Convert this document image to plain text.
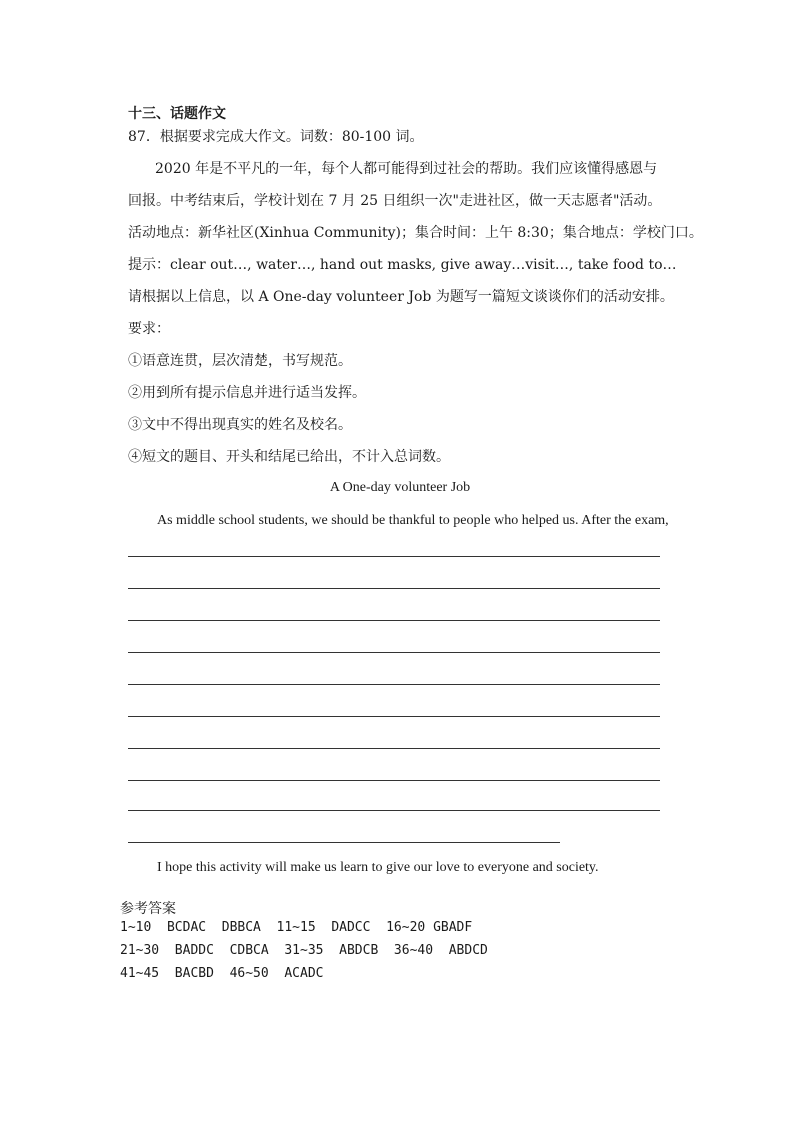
十三、话题作文
87．根据要求完成大作文。词数：80-100 词。
2020 年是不平凡的一年，每个人都可能得到过社会的帮助。我们应该懂得感恩与
回报。中考结束后，学校计划在 7 月 25 日组织一次"走进社区，做一天志愿者"活动。
活动地点：新华社区(Xinhua Community)；集合时间：上午 8:30；集合地点：学校门口。
提示：clear out…, water…, hand out masks, give away…visit…, take food to…
请根据以上信息，以 A One-day volunteer Job 为题写一篇短文谈谈你们的活动安排。
要求：
①语意连贯，层次清楚，书写规范。
②用到所有提示信息并进行适当发挥。
③文中不得出现真实的姓名及校名。
④短文的题目、开头和结尾已给出，不计入总词数。
A One-day volunteer Job
As middle school students, we should be thankful to people who helped us. After the exam,
I hope this activity will make us learn to give our love to everyone and society.
参考答案
1~10  BCDAC  DBBCA  11~15  DADCC  16~20 GBADF
21~30  BADDC  CDBCA  31~35  ABDCB  36~40  ABDCD
41~45  BACBD  46~50  ACADC
